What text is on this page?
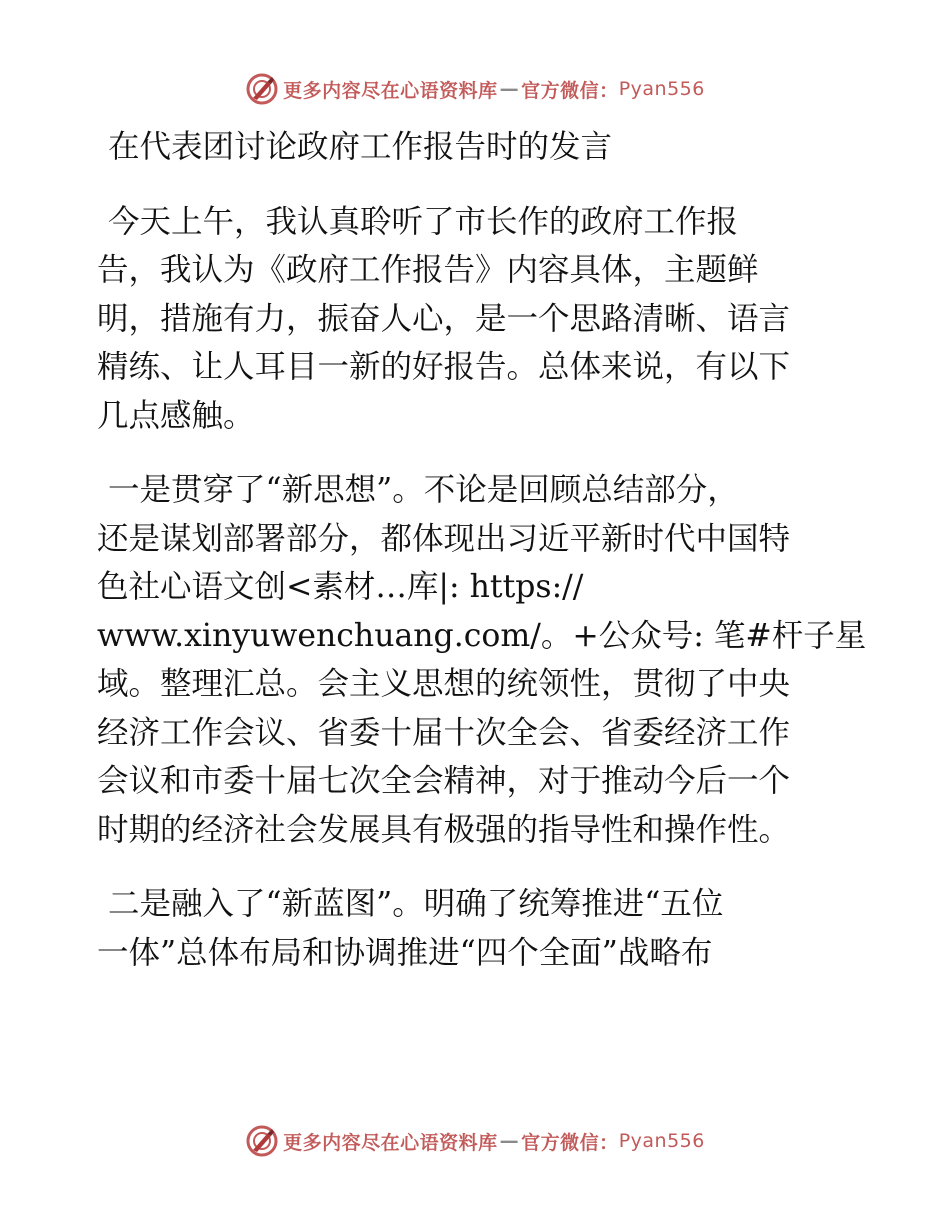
更多内容尽在心语资料库 — 官方微信： Pyan556
在代表团讨论政府工作报告时的发言
今天上午，我认真聆听了市长作的政府工作报
告，我认为《政府工作报告》内容具体，主题鲜
明，措施有力，振奋人心，是一个思路清晰、语言
精练、让人耳目一新的好报告。总体来说，有以下
几点感触。
一是贯穿了“新思想”。不论是回顾总结部分，
还是谋划部署部分，都体现出习近平新时代中国特
色社心语文创<素材…库|: https://
www.xinyuwenchuang.com/。+公众号: 笔#杆子星
域。整理汇总。会主义思想的统领性，贯彻了中央
经济工作会议、省委十届十次全会、省委经济工作
会议和市委十届七次全会精神，对于推动今后一个
时期的经济社会发展具有极强的指导性和操作性。
二是融入了“新蓝图”。明确了统筹推进“五位
一体”总体布局和协调推进“四个全面”战略布
更多内容尽在心语资料库 — 官方微信： Pyan556
